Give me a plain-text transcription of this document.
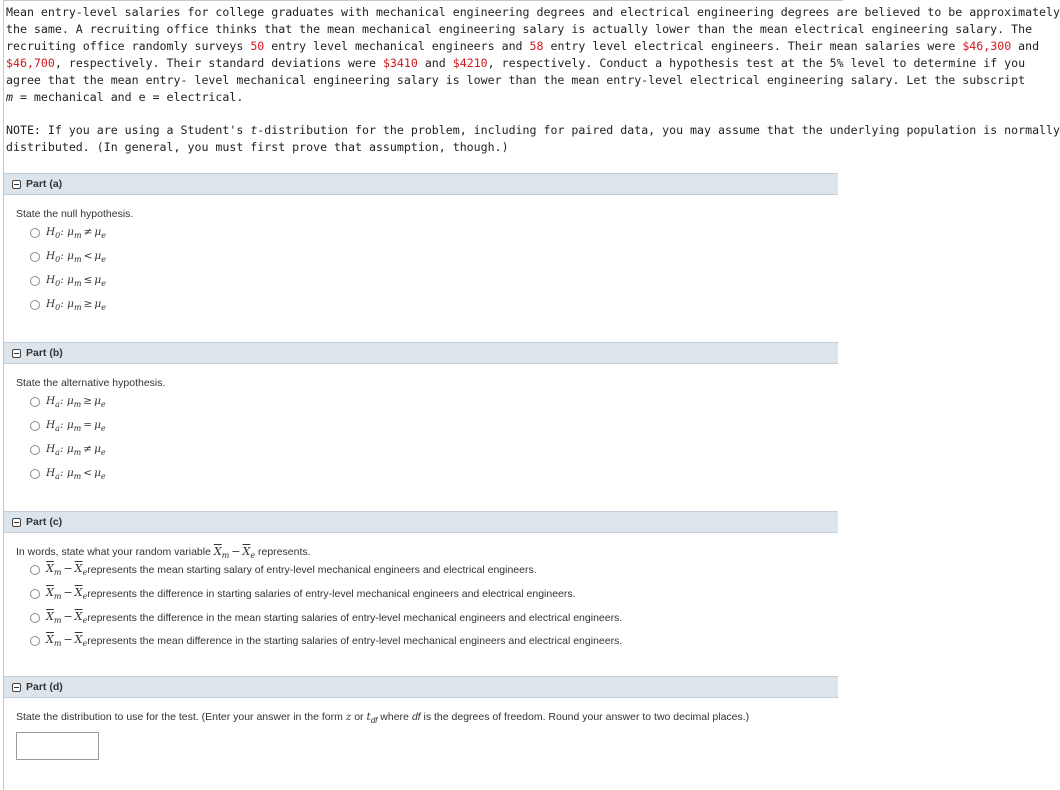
Mean entry-level salaries for college graduates with mechanical engineering degrees and electrical engineering degrees are believed to be approximately
the same. A recruiting office thinks that the mean mechanical engineering salary is actually lower than the mean electrical engineering salary. The
recruiting office randomly surveys 50 entry level mechanical engineers and 58 entry level electrical engineers. Their mean salaries were $46,300 and
$46,700, respectively. Their standard deviations were $3410 and $4210, respectively. Conduct a hypothesis test at the 5% level to determine if you
agree that the mean entry- level mechanical engineering salary is lower than the mean entry-level electrical engineering salary. Let the subscript
m = mechanical and e = electrical.
NOTE: If you are using a Student's t-distribution for the problem, including for paired data, you may assume that the underlying population is normally
distributed. (In general, you must first prove that assumption, though.)
Part (a)
State the null hypothesis.
$H_0$: $\mu_m \ne \mu_e$
$H_0$: $\mu_m < \mu_e$
$H_0$: $\mu_m \le \mu_e$
$H_0$: $\mu_m \ge \mu_e$
Part (b)
State the alternative hypothesis.
$H_a$: $\mu_m \ge \mu_e$
$H_a$: $\mu_m = \mu_e$
$H_a$: $\mu_m \ne \mu_e$
$H_a$: $\mu_m < \mu_e$
Part (c)
In words, state what your random variable $\overline{X}_m - \overline{X}_e$ represents.
$\overline{X}_m - \overline{X}_e$ represents the mean starting salary of entry-level mechanical engineers and electrical engineers.
$\overline{X}_m - \overline{X}_e$ represents the difference in starting salaries of entry-level mechanical engineers and electrical engineers.
$\overline{X}_m - \overline{X}_e$ represents the difference in the mean starting salaries of entry-level mechanical engineers and electrical engineers.
$\overline{X}_m - \overline{X}_e$ represents the mean difference in the starting salaries of entry-level mechanical engineers and electrical engineers.
Part (d)
State the distribution to use for the test. (Enter your answer in the form z or $t_{df}$ where df is the degrees of freedom. Round your answer to two decimal places.)
